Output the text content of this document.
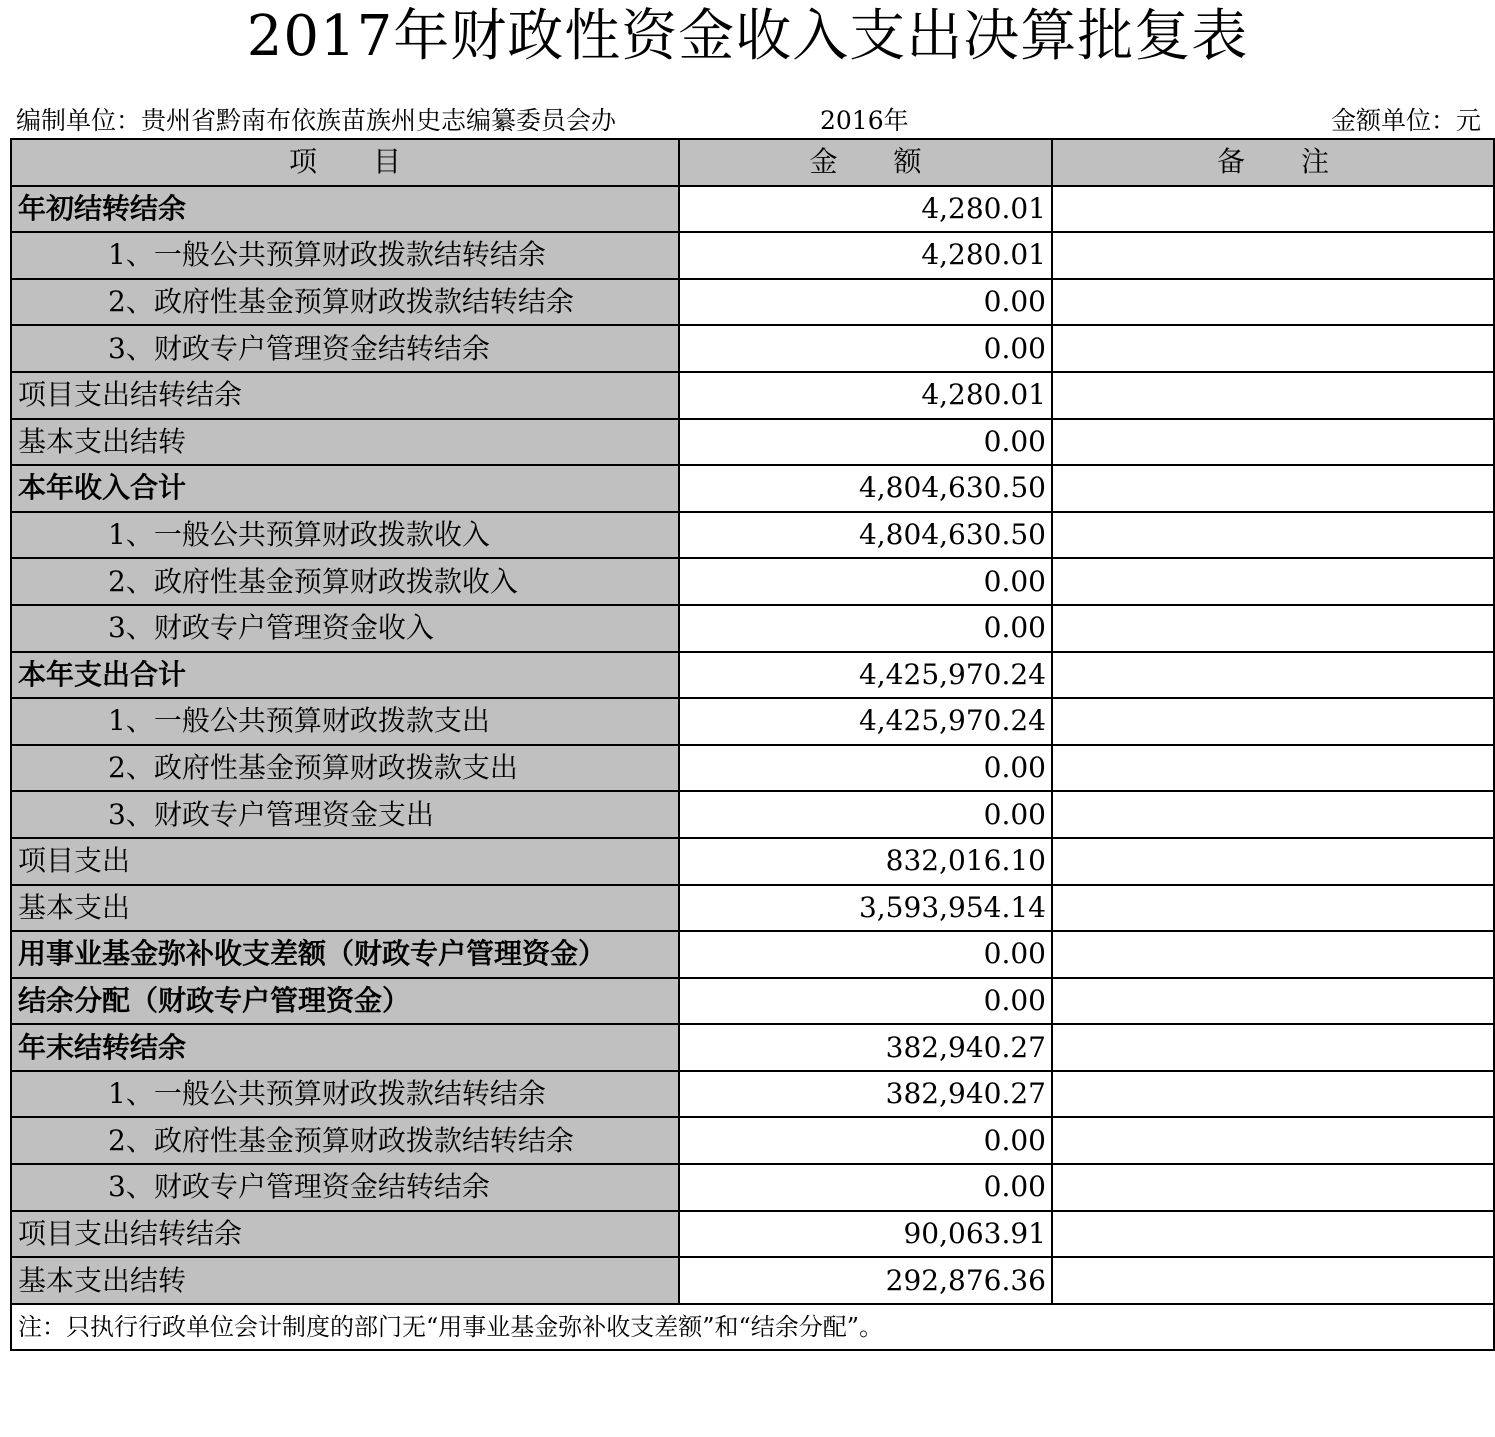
2017年财政性资金收入支出决算批复表
编制单位：贵州省黔南布依族苗族州史志编纂委员会办	2016年	金额单位：元
项　　目	金　　额	备　　注
年初结转结余	4,280.01	
1、一般公共预算财政拨款结转结余	4,280.01	
2、政府性基金预算财政拨款结转结余	0.00	
3、财政专户管理资金结转结余	0.00	
项目支出结转结余	4,280.01	
基本支出结转	0.00	
本年收入合计	4,804,630.50	
1、一般公共预算财政拨款收入	4,804,630.50	
2、政府性基金预算财政拨款收入	0.00	
3、财政专户管理资金收入	0.00	
本年支出合计	4,425,970.24	
1、一般公共预算财政拨款支出	4,425,970.24	
2、政府性基金预算财政拨款支出	0.00	
3、财政专户管理资金支出	0.00	
项目支出	832,016.10	
基本支出	3,593,954.14	
用事业基金弥补收支差额（财政专户管理资金）	0.00	
结余分配（财政专户管理资金）	0.00	
年末结转结余	382,940.27	
1、一般公共预算财政拨款结转结余	382,940.27	
2、政府性基金预算财政拨款结转结余	0.00	
3、财政专户管理资金结转结余	0.00	
项目支出结转结余	90,063.91	
基本支出结转	292,876.36	
注：只执行行政单位会计制度的部门无“用事业基金弥补收支差额”和“结余分配”。		
